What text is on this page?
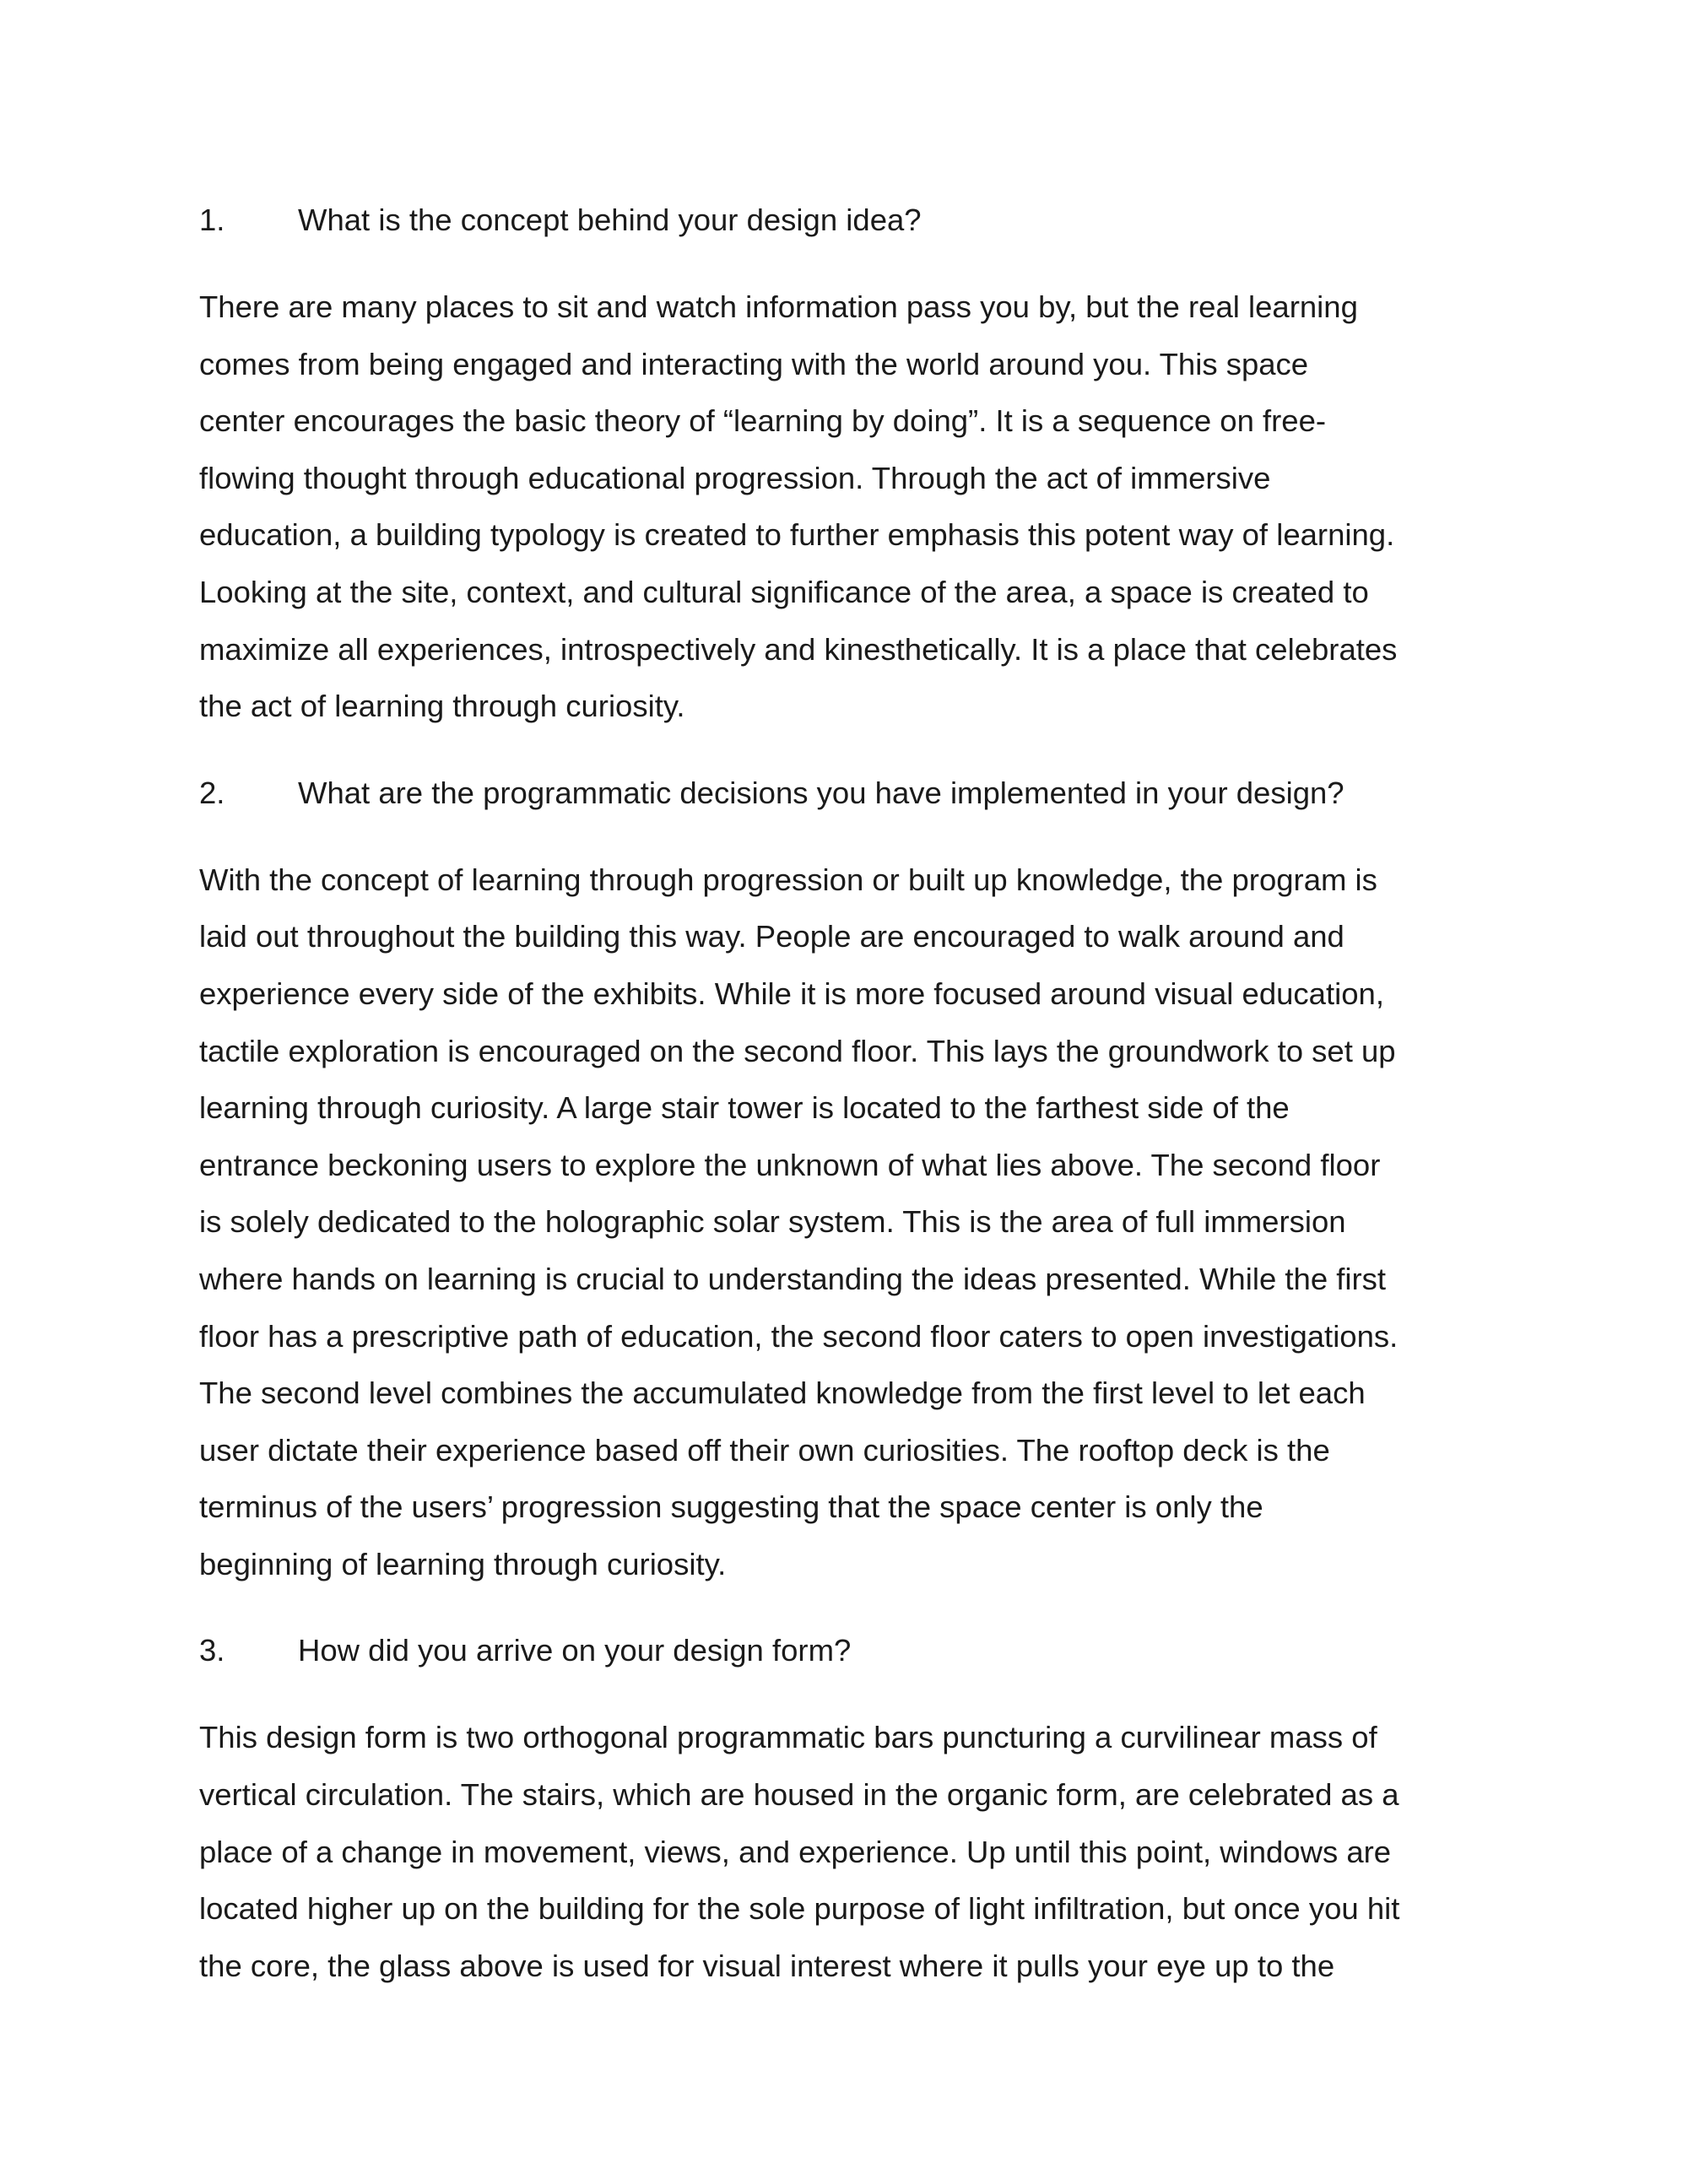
1.	What is the concept behind your design idea?
There are many places to sit and watch information pass you by, but the real learning
comes from being engaged and interacting with the world around you. This space
center encourages the basic theory of “learning by doing”. It is a sequence on free-
flowing thought through educational progression. Through the act of immersive
education, a building typology is created to further emphasis this potent way of learning.
Looking at the site, context, and cultural significance of the area, a space is created to
maximize all experiences, introspectively and kinesthetically. It is a place that celebrates
the act of learning through curiosity.
2.	What are the programmatic decisions you have implemented in your design?
With the concept of learning through progression or built up knowledge, the program is
laid out throughout the building this way. People are encouraged to walk around and
experience every side of the exhibits. While it is more focused around visual education,
tactile exploration is encouraged on the second floor. This lays the groundwork to set up
learning through curiosity. A large stair tower is located to the farthest side of the
entrance beckoning users to explore the unknown of what lies above. The second floor
is solely dedicated to the holographic solar system. This is the area of full immersion
where hands on learning is crucial to understanding the ideas presented. While the first
floor has a prescriptive path of education, the second floor caters to open investigations.
The second level combines the accumulated knowledge from the first level to let each
user dictate their experience based off their own curiosities. The rooftop deck is the
terminus of the users’ progression suggesting that the space center is only the
beginning of learning through curiosity.
3.	How did you arrive on your design form?
This design form is two orthogonal programmatic bars puncturing a curvilinear mass of
vertical circulation. The stairs, which are housed in the organic form, are celebrated as a
place of a change in movement, views, and experience. Up until this point, windows are
located higher up on the building for the sole purpose of light infiltration, but once you hit
the core, the glass above is used for visual interest where it pulls your eye up to the
